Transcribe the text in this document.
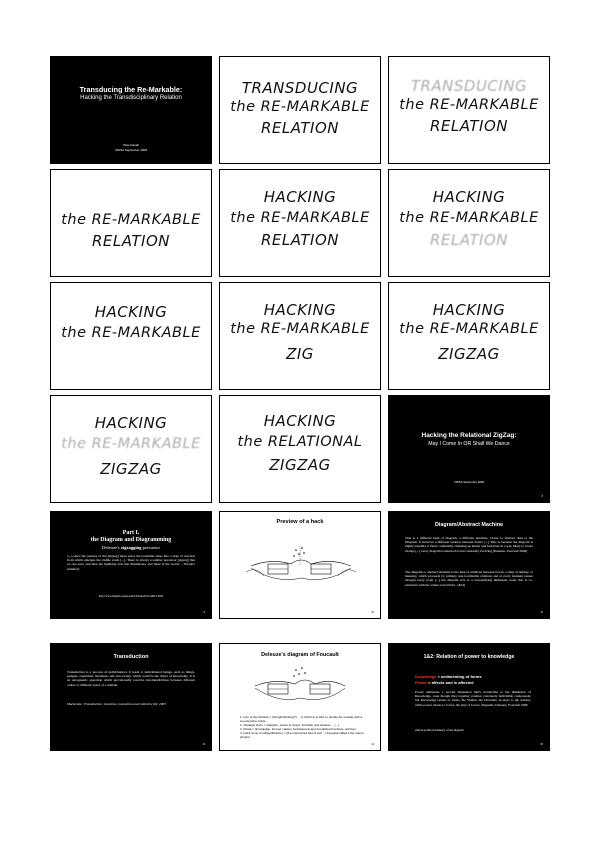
Transducing the Re-Markable:
Hacking the Transdisciplinary Relation
Shar Davall
CRISA September 2008
TRANSDUCING
the RE-MARKABLE
RELATION
TRANSDUCING
the RE-MARKABLE
RELATION
the RE-MARKABLE
RELATION
HACKING
the RE-MARKABLE
RELATION
HACKING
the RE-MARKABLE
RELATION
HACKING
the RE-MARKABLE
HACKING
the RE-MARKABLE
ZIG
HACKING
the RE-MARKABLE
ZIGZAG
HACKING
the RE-MARKABLE
ZIGZAG
HACKING
the RELATIONAL
ZIGZAG
Hacking the Relational ZigZag:
May I Come In OR Shall We Dance
CRISA September 2008
8
Part I.
the Diagram and Diagramming
Deleuze's zigzagging precursor
'[...] since the journey of the [zigzag] takes place the potentials enter into a state of reaction from which emerges the visible event [...]. There is always a somber precursor [zigzag] that no one sees, and then the lightning bolt that illuminates, and there is the world.' - Stivale's summary
http://www.langlab.wayne.edu/CStivale/D-G/ABC1.html
9
Preview of a hack
10
Diagram/Abstract Machine
This is a different kind of diagram, a different machine. Closer to abstract than to the Diagram. It involves a different relation between forms. [...] This is because the diagram is highly unstable or fluid, continually churning up matter and functions in a way likely to create change [...] every diagram is intersocial and constantly evolving (Deleuze, Foucault 2006)
The diagram or abstract machine is the map of relations between forces, a map of destiny, or intensity, which proceeds by primary non-localizable relations and at every moment passes through every point [...] the diagram acts as a non-unifying immanent cause that is co-extensive with the whole social field - (ibid)
11
Transduction
Transduction is a process of individuation. It leads to individuated beings, such as things, gadgets, organisms, machines, self and society, which could be the object of knowledge. It is an ontogenetic operation which provisionally resolves incompatibilities between different orders or different zones of a domain.
Mackenzie, 'Transduction: invention, innovation and collective life' 2003
13
Deleuze's diagram of Foucault
1. Line of the Outside = (thought/thinking?) ... in which is to fold, to double the outside with a co-extensive inside
2. Strategic Zone = (diagram, power to invent, forcefiler and analyse ... (...)
3. Strata = (knowledge, formed matters (substances) and formalized functions, archive)
4. Field (zone of subjectification) = (the interiorized fold of self ...) Foucault called it the macro-physics
14
1&2: Relation of power to knowledge
Knowledge > sedimenting of forms
Power > affects and is affected
Power delineates a second dimension that's irreducible to the dimension of Knowledge, even though they together produce concretely indivisible compounds; but Knowledge relates to forms, the Visible, the Utterable, in short to the archive, while power relates to forces, the play of forces, diagrams. Deleuze, Foucault 1986
ethical-political tendency of the diagram
15
